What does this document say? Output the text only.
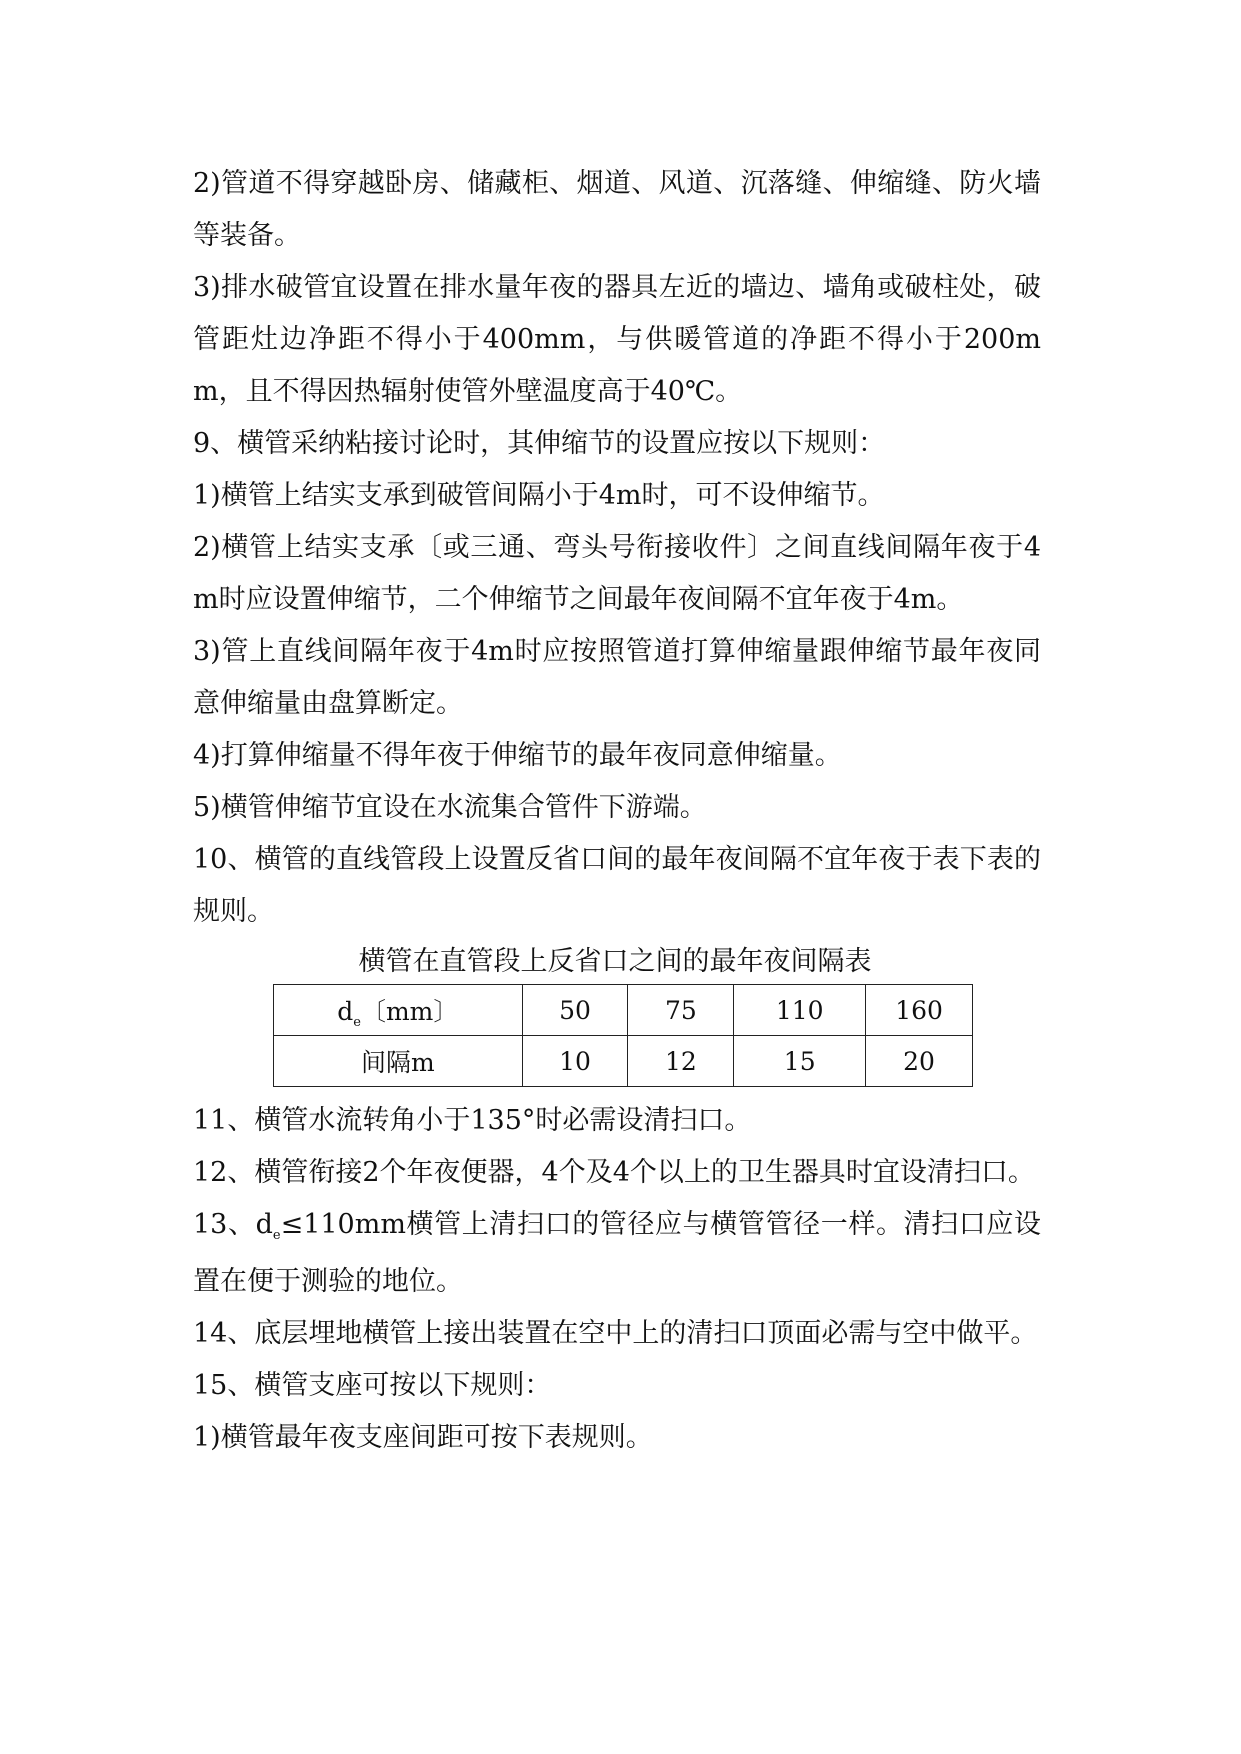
2)管道不得穿越卧房、储藏柜、烟道、风道、沉落缝、伸缩缝、防火墙等装备。

3)排水破管宜设置在排水量年夜的器具左近的墙边、墙角或破柱处，破管距灶边净距不得小于400mm，与供暖管道的净距不得小于200mm，且不得因热辐射使管外壁温度高于40℃。

9、横管采纳粘接讨论时，其伸缩节的设置应按以下规则：

1)横管上结实支承到破管间隔小于4m时，可不设伸缩节。

2)横管上结实支承〔或三通、弯头号衔接收件〕之间直线间隔年夜于4m时应设置伸缩节，二个伸缩节之间最年夜间隔不宜年夜于4m。

3)管上直线间隔年夜于4m时应按照管道打算伸缩量跟伸缩节最年夜同意伸缩量由盘算断定。

4)打算伸缩量不得年夜于伸缩节的最年夜同意伸缩量。

5)横管伸缩节宜设在水流集合管件下游端。

10、横管的直线管段上设置反省口间的最年夜间隔不宜年夜于表下表的规则。

横管在直管段上反省口之间的最年夜间隔表
$d_e$〔mm〕	50	75	110	160
间隔m	10	12	15	20

11、横管水流转角小于135°时必需设清扫口。

12、横管衔接2个年夜便器，4个及4个以上的卫生器具时宜设清扫口。

13、$d_e\le 110mm$横管上清扫口的管径应与横管管径一样。清扫口应设置在便于测验的地位。

14、底层埋地横管上接出装置在空中上的清扫口顶面必需与空中做平。

15、横管支座可按以下规则：

1)横管最年夜支座间距可按下表规则。
